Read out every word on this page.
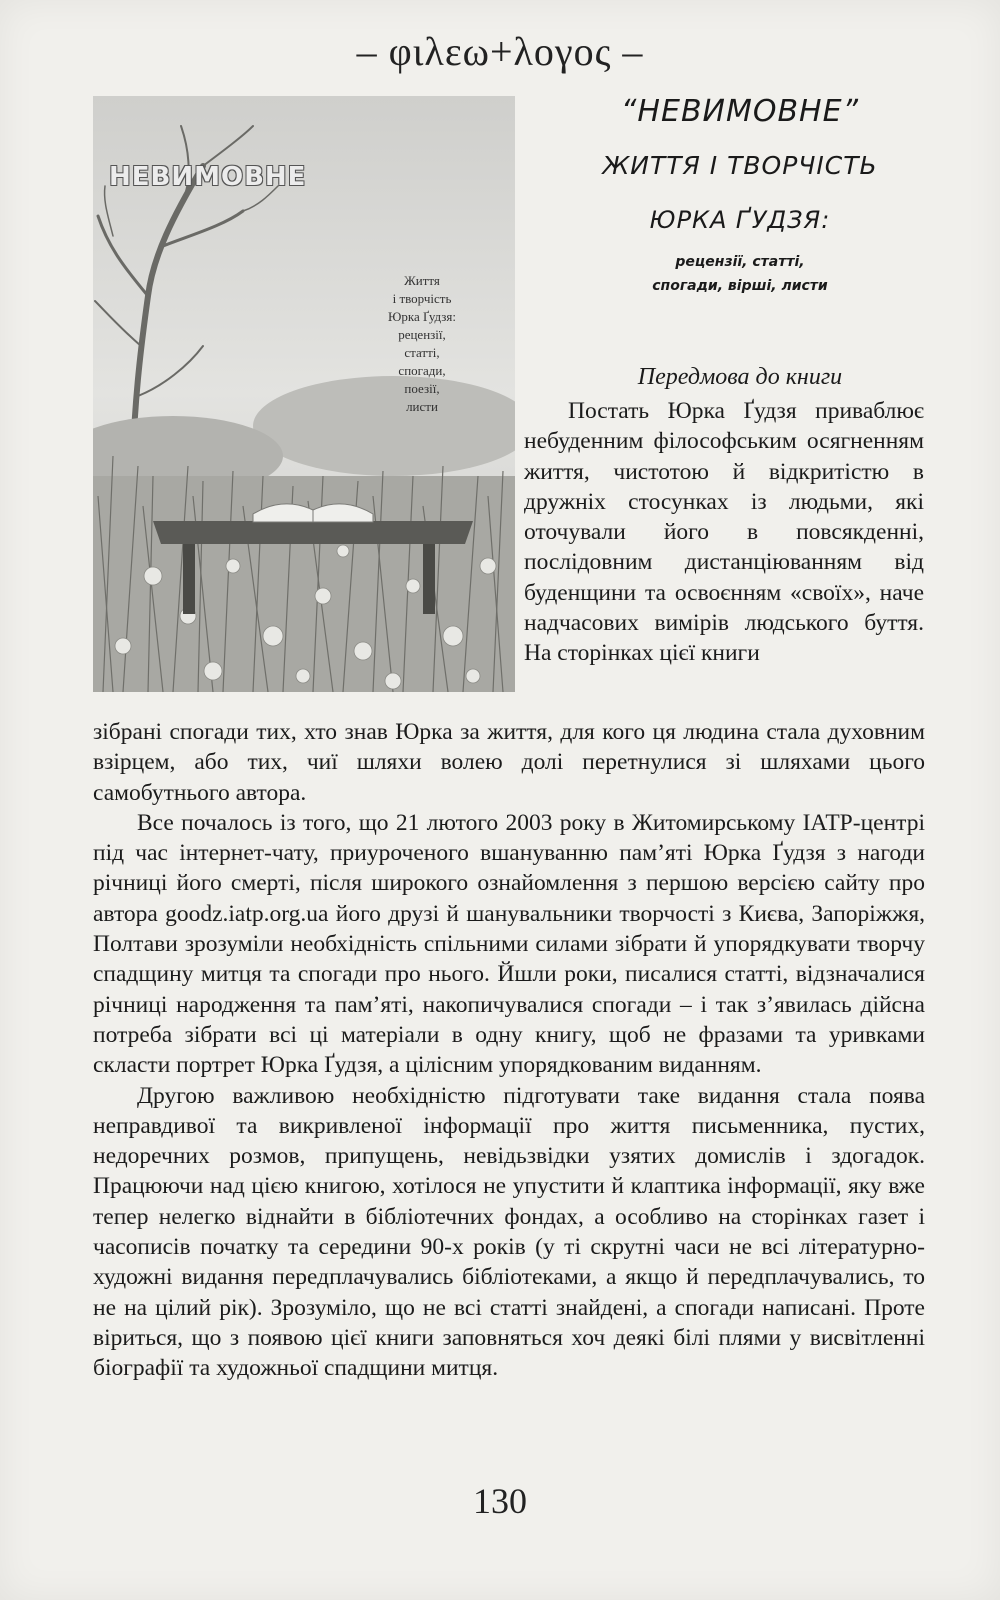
– φιλεω+λογος –
НЕВИМОВНЕ
Життя
і творчість
Юрка Ґудзя:
рецензії,
статті,
спогади,
поезії,
листи
“НЕВИМОВНЕ”
ЖИТТЯ І ТВОРЧІСТЬ
ЮРКА ҐУДЗЯ:
рецензії, статті,
спогади, вірші, листи
Передмова до книги

Постать Юрка Ґудзя приваблює небуденним філософським осягненням життя, чистотою й відкритістю в дружніх стосунках із людьми, які оточували його в повсякденні, послідовним дистанціюванням від буденщини та освоєнням «своїх», наче надчасових вимірів людського буття. На сторінках цієї книги

зібрані спогади тих, хто знав Юрка за життя, для кого ця людина стала духовним взірцем, або тих, чиї шляхи волею долі перетнулися зі шляхами цього самобутнього автора.

Все почалось із того, що 21 лютого 2003 року в Житомирському ІАТР-центрі під час інтернет-чату, приуроченого вшануванню пам’яті Юрка Ґудзя з нагоди річниці його смерті, після широкого ознайомлення з першою версією сайту про автора goodz.iatp.org.ua його друзі й шанувальники творчості з Києва, Запоріжжя, Полтави зрозуміли необхідність спільними силами зібрати й упорядкувати творчу спадщину митця та спогади про нього. Йшли роки, писалися статті, відзначалися річниці народження та пам’яті, накопичувалися спогади – і так з’явилась дійсна потреба зібрати всі ці матеріали в одну книгу, щоб не фразами та уривками скласти портрет Юрка Ґудзя, а цілісним упорядкованим виданням.

Другою важливою необхідністю підготувати таке видання стала поява неправдивої та викривленої інформації про життя письменника, пустих, недоречних розмов, припущень, невідьзвідки узятих домислів і здогадок. Працюючи над цією книгою, хотілося не упустити й клаптика інформації, яку вже тепер нелегко віднайти в бібліотечних фондах, а особливо на сторінках газет і часописів початку та середини 90-х років (у ті скрутні часи не всі літературно-художні видання передплачувались бібліотеками, а якщо й передплачувались, то не на цілий рік). Зрозуміло, що не всі статті знайдені, а спогади написані. Проте віриться, що з появою цієї книги заповняться хоч деякі білі плями у висвітленні біографії та художньої спадщини митця.

130
